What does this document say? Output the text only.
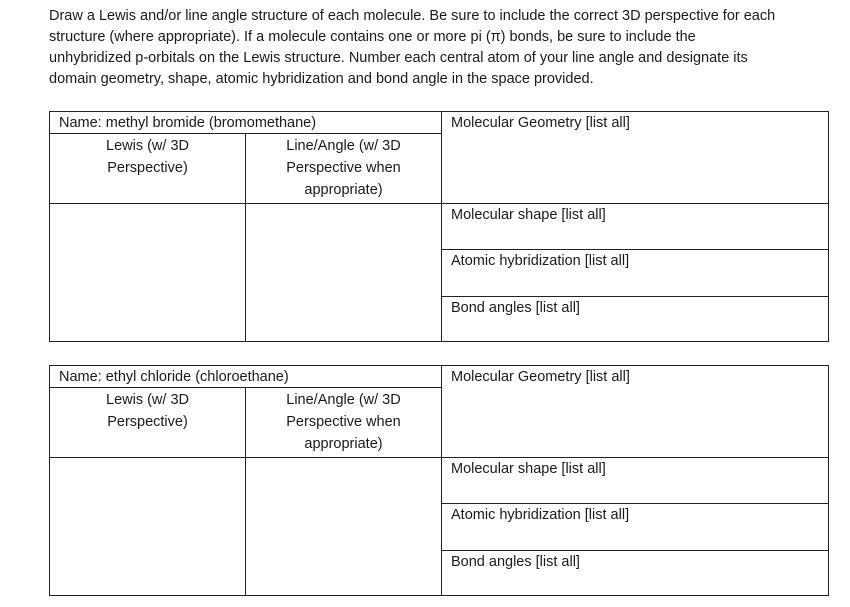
Draw a Lewis and/or line angle structure of each molecule. Be sure to include the correct 3D perspective for each
structure (where appropriate). If a molecule contains one or more pi (π) bonds, be sure to include the
unhybridized p-orbitals on the Lewis structure. Number each central atom of your line angle and designate its
domain geometry, shape, atomic hybridization and bond angle in the space provided.

Name: methyl bromide (bromomethane)
Lewis (w/ 3D
Perspective)
Line/Angle (w/ 3D
Perspective when
appropriate)
Molecular Geometry [list all]
Molecular shape [list all]
Atomic hybridization [list all]
Bond angles [list all]
Name: ethyl chloride (chloroethane)
Lewis (w/ 3D
Perspective)
Line/Angle (w/ 3D
Perspective when
appropriate)
Molecular Geometry [list all]
Molecular shape [list all]
Atomic hybridization [list all]
Bond angles [list all]
